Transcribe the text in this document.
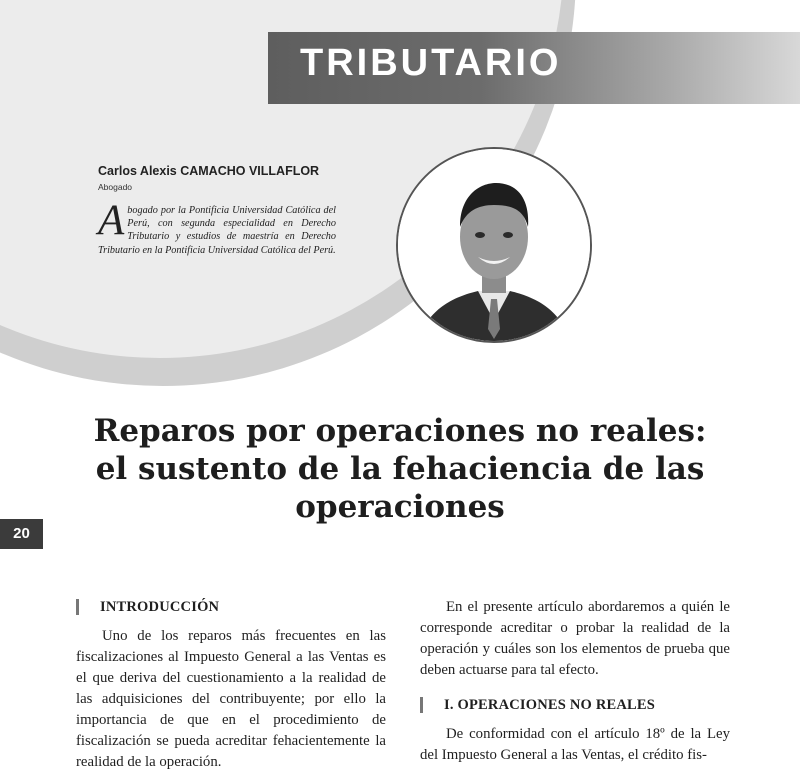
TRIBUTARIO
Carlos Alexis CAMACHO VILLAFLOR
Abogado
Abogado por la Pontificia Universidad Católica del Perú, con segunda especialidad en Derecho Tributario y estudios de maestría en Derecho Tributario en la Pontificia Universidad Católica del Perú.
Reparos por operaciones no reales:
el sustento de la fehaciencia de las
operaciones
20
INTRODUCCIÓN

Uno de los reparos más frecuentes en las fiscalizaciones al Impuesto General a las Ventas es el que deriva del cuestionamiento a la realidad de las adquisiciones del contribuyente; por ello la importancia de que en el procedimiento de fiscalización se pueda acreditar fehacientemente la realidad de la operación.

En el presente artículo abordaremos a quién le corresponde acreditar o probar la realidad de la operación y cuáles son los elementos de prueba que deben actuarse para tal efecto.

I. OPERACIONES NO REALES

De conformidad con el artículo 18º de la Ley del Impuesto General a las Ventas, el crédito fis-
